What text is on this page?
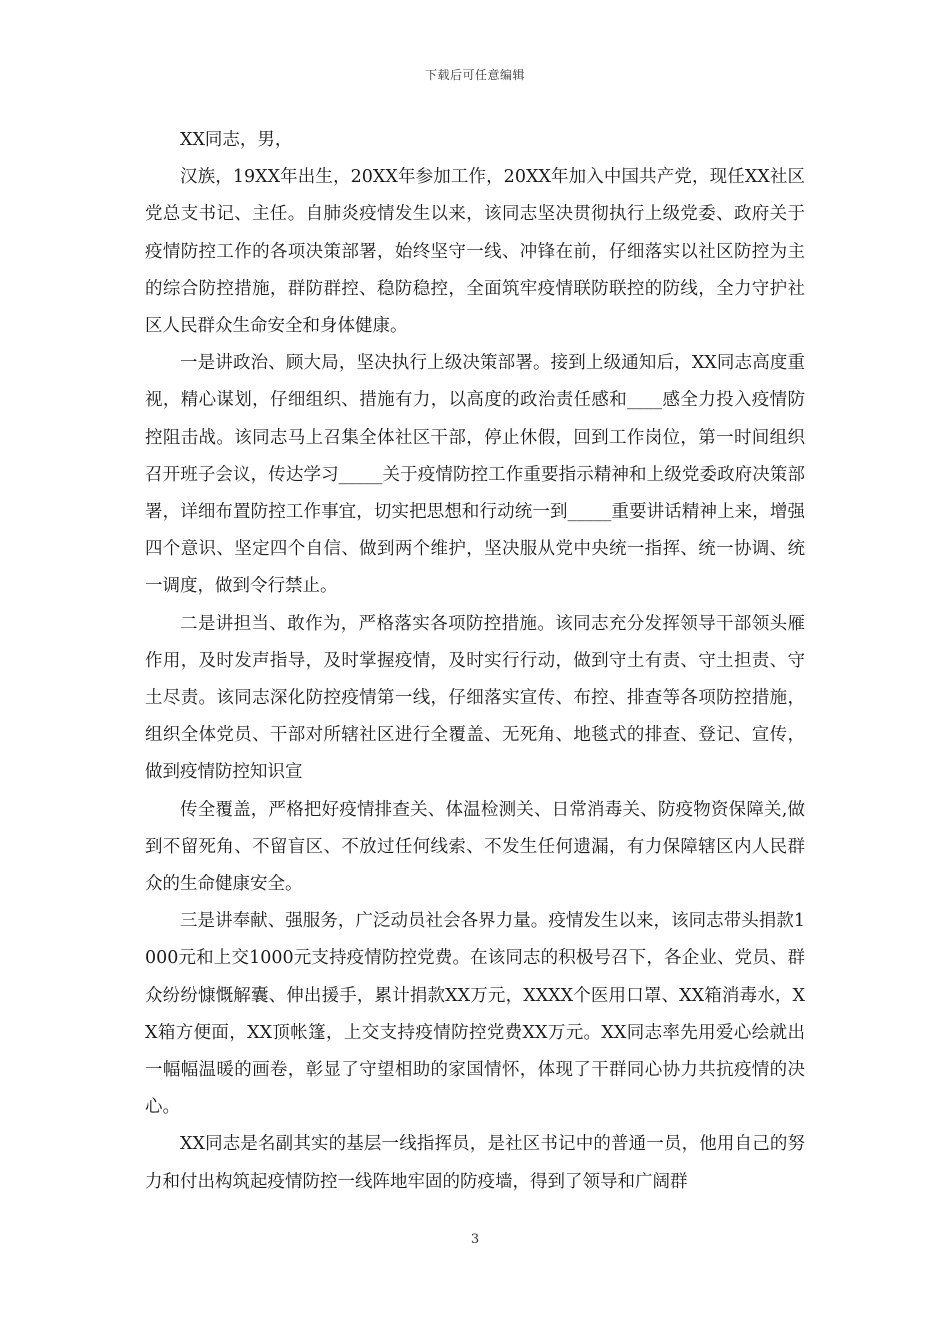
下载后可任意编辑

XX同志，男，

汉族，19XX年出生，20XX年参加工作，20XX年加入中国共产党，现任XX社区党总支书记、主任。自肺炎疫情发生以来，该同志坚决贯彻执行上级党委、政府关于疫情防控工作的各项决策部署，始终坚守一线、冲锋在前，仔细落实以社区防控为主的综合防控措施，群防群控、稳防稳控，全面筑牢疫情联防联控的防线，全力守护社区人民群众生命安全和身体健康。

一是讲政治、顾大局，坚决执行上级决策部署。接到上级通知后，XX同志高度重视，精心谋划，仔细组织、措施有力，以高度的政治责任感和____感全力投入疫情防控阻击战。该同志马上召集全体社区干部，停止休假，回到工作岗位，第一时间组织召开班子会议，传达学习_____关于疫情防控工作重要指示精神和上级党委政府决策部署，详细布置防控工作事宜，切实把思想和行动统一到_____重要讲话精神上来，增强四个意识、坚定四个自信、做到两个维护，坚决服从党中央统一指挥、统一协调、统一调度，做到令行禁止。

二是讲担当、敢作为，严格落实各项防控措施。该同志充分发挥领导干部领头雁作用，及时发声指导，及时掌握疫情，及时实行行动，做到守土有责、守土担责、守土尽责。该同志深化防控疫情第一线，仔细落实宣传、布控、排查等各项防控措施，组织全体党员、干部对所辖社区进行全覆盖、无死角、地毯式的排查、登记、宣传，做到疫情防控知识宣

传全覆盖，严格把好疫情排查关、体温检测关、日常消毒关、防疫物资保障关,做到不留死角、不留盲区、不放过任何线索、不发生任何遗漏，有力保障辖区内人民群众的生命健康安全。

三是讲奉献、强服务，广泛动员社会各界力量。疫情发生以来，该同志带头捐款1000元和上交1000元支持疫情防控党费。在该同志的积极号召下，各企业、党员、群众纷纷慷慨解囊、伸出援手，累计捐款XX万元，XXXX个医用口罩、XX箱消毒水，XX箱方便面，XX顶帐篷，上交支持疫情防控党费XX万元。XX同志率先用爱心绘就出一幅幅温暖的画卷，彰显了守望相助的家国情怀，体现了干群同心协力共抗疫情的决心。

XX同志是名副其实的基层一线指挥员，是社区书记中的普通一员，他用自己的努力和付出构筑起疫情防控一线阵地牢固的防疫墙，得到了领导和广阔群

3
